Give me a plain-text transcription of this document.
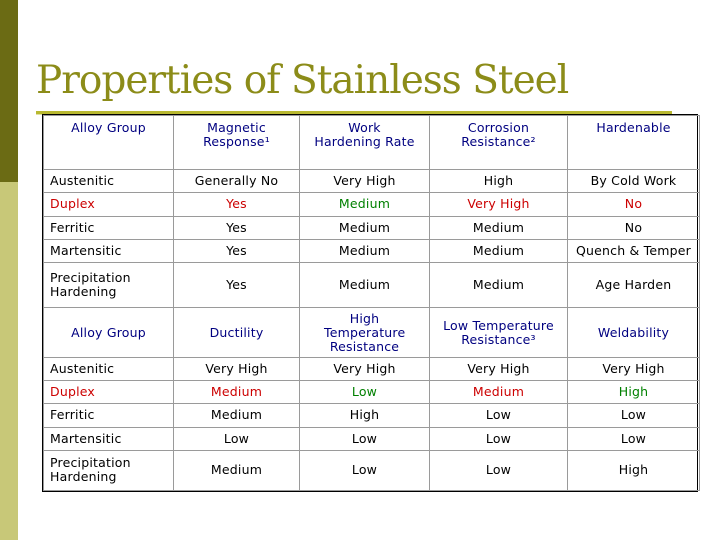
Properties of Stainless Steel
Alloy Group	Magnetic Response¹	Work Hardening Rate	Corrosion Resistance²	Hardenable
Austenitic	Generally No	Very High	High	By Cold Work
Duplex	Yes	Medium	Very High	No
Ferritic	Yes	Medium	Medium	No
Martensitic	Yes	Medium	Medium	Quench & Temper
Precipitation Hardening	Yes	Medium	Medium	Age Harden
Alloy Group	Ductility	High Temperature Resistance	Low Temperature Resistance³	Weldability
Austenitic	Very High	Very High	Very High	Very High
Duplex	Medium	Low	Medium	High
Ferritic	Medium	High	Low	Low
Martensitic	Low	Low	Low	Low
Precipitation Hardening	Medium	Low	Low	High
